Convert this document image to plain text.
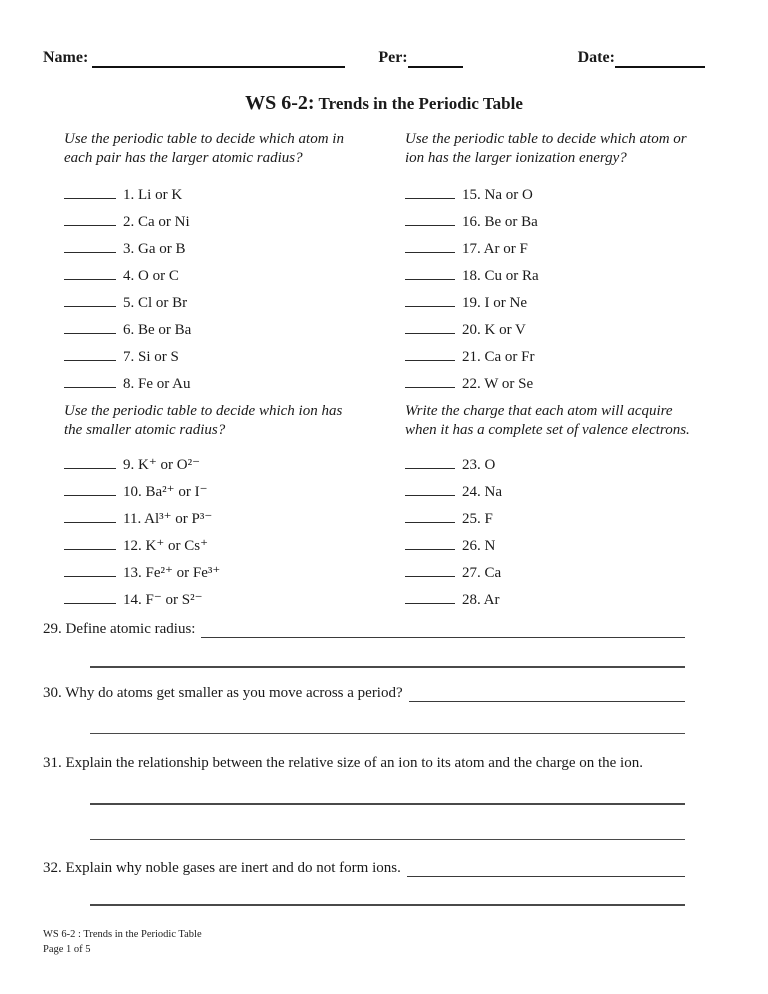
Name:	Per:	Date:
WS 6-2: Trends in the Periodic Table

Use the periodic table to decide which atom in
each pair has the larger atomic radius?

1. Li or K
2. Ca or Ni
3. Ga or B
4. O or C
5. Cl or Br
6. Be or Ba
7. Si or S
8. Fe or Au

Use the periodic table to decide which ion has
the smaller atomic radius?

9. K⁺ or O²⁻
10. Ba²⁺ or I⁻
11. Al³⁺ or P³⁻
12. K⁺ or Cs⁺
13. Fe²⁺ or Fe³⁺
14. F⁻ or S²⁻

Use the periodic table to decide which atom or
ion has the larger ionization energy?

15. Na or O
16. Be or Ba
17. Ar or F
18. Cu or Ra
19. I or Ne
20. K or V
21. Ca or Fr
22. W or Se

Write the charge that each atom will acquire
when it has a complete set of valence electrons.

23. O
24. Na
25. F
26. N
27. Ca
28. Ar
29. Define atomic radius:
30. Why do atoms get smaller as you move across a period?
31. Explain the relationship between the relative size of an ion to its atom and the charge on the ion.
32. Explain why noble gases are inert and do not form ions.
WS 6-2 : Trends in the Periodic Table
Page 1 of 5
